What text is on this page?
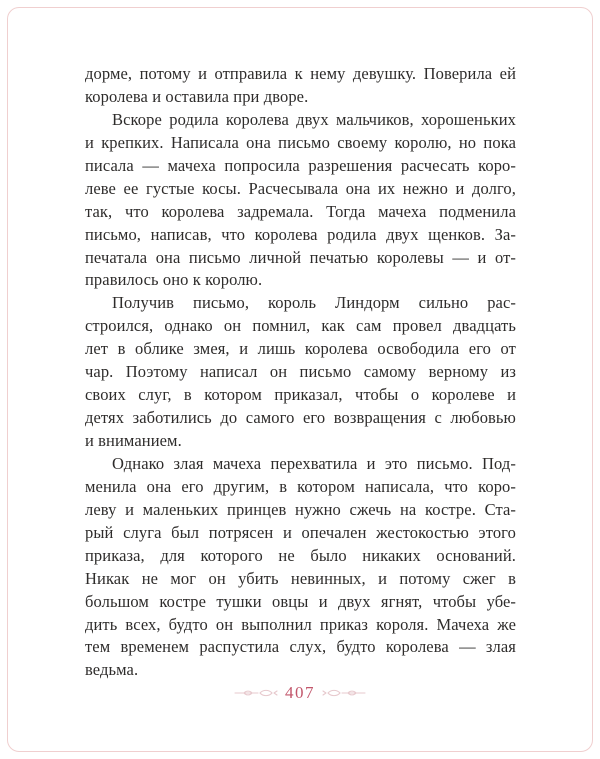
дорме, потому и отправила к нему девушку. Поверила ей
королева и оставила при дворе.
Вскоре родила королева двух мальчиков, хорошеньких
и крепких. Написала она письмо своему королю, но пока
писала — мачеха попросила разрешения расчесать коро-
леве ее густые косы. Расчесывала она их нежно и долго,
так, что королева задремала. Тогда мачеха подменила
письмо, написав, что королева родила двух щенков. За-
печатала она письмо личной печатью королевы — и от-
правилось оно к королю.
Получив письмо, король Линдорм сильно рас-
строился, однако он помнил, как сам провел двадцать
лет в облике змея, и лишь королева освободила его от
чар. Поэтому написал он письмо самому верному из
своих слуг, в котором приказал, чтобы о королеве и
детях заботились до самого его возвращения с любовью
и вниманием.
Однако злая мачеха перехватила и это письмо. Под-
менила она его другим, в котором написала, что коро-
леву и маленьких принцев нужно сжечь на костре. Ста-
рый слуга был потрясен и опечален жестокостью этого
приказа, для которого не было никаких оснований.
Никак не мог он убить невинных, и потому сжег в
большом костре тушки овцы и двух ягнят, чтобы убе-
дить всех, будто он выполнил приказ короля. Мачеха же
тем временем распустила слух, будто королева — злая
ведьма.
407
